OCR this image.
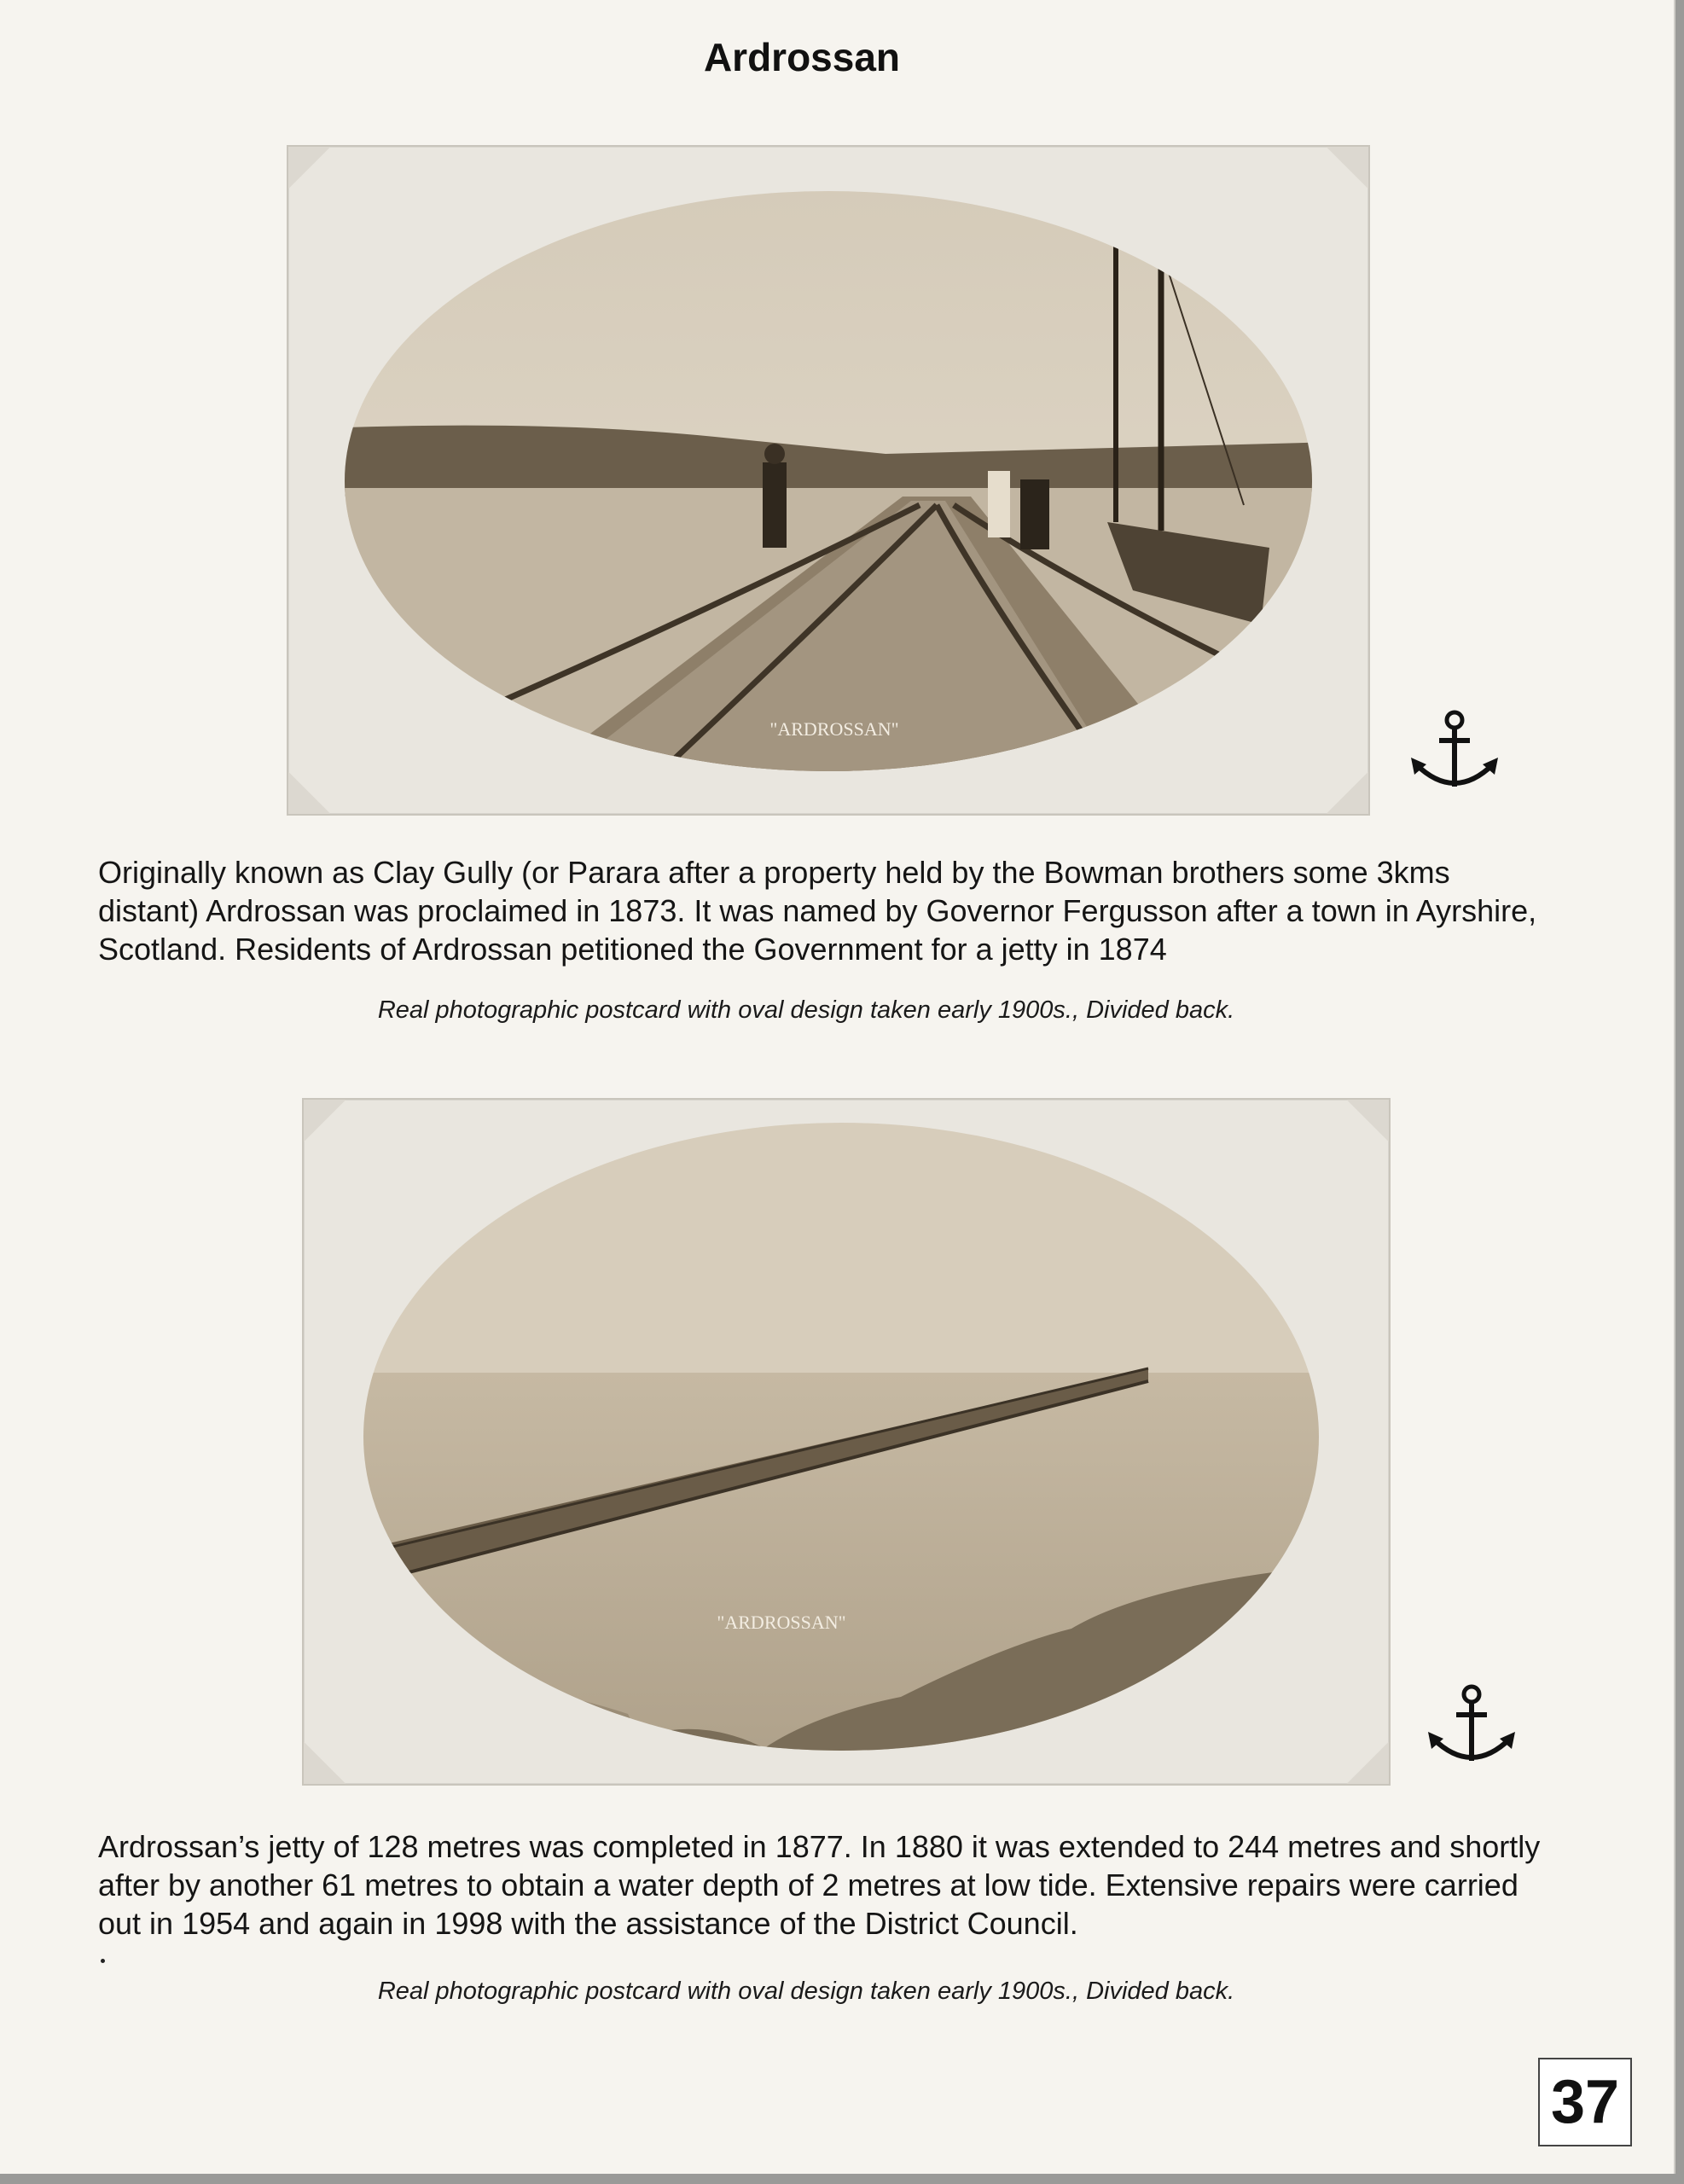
Ardrossan
"ARDROSSAN"
Originally known as Clay Gully (or Parara after a property held by the Bowman brothers some 3kms distant) Ardrossan was proclaimed in 1873. It was named by Governor Fergusson after a town in Ayrshire, Scotland. Residents of Ardrossan petitioned the Government for a jetty in 1874
Real photographic postcard with oval design taken early 1900s., Divided back.
"ARDROSSAN"
Ardrossan’s jetty of 128 metres was completed in 1877. In 1880 it was extended to 244 metres and shortly after by another 61 metres to obtain a water depth of 2 metres at low tide. Extensive repairs were carried out in 1954 and again in 1998 with the assistance of the District Council.
Real photographic postcard with oval design taken early 1900s., Divided back.
37
